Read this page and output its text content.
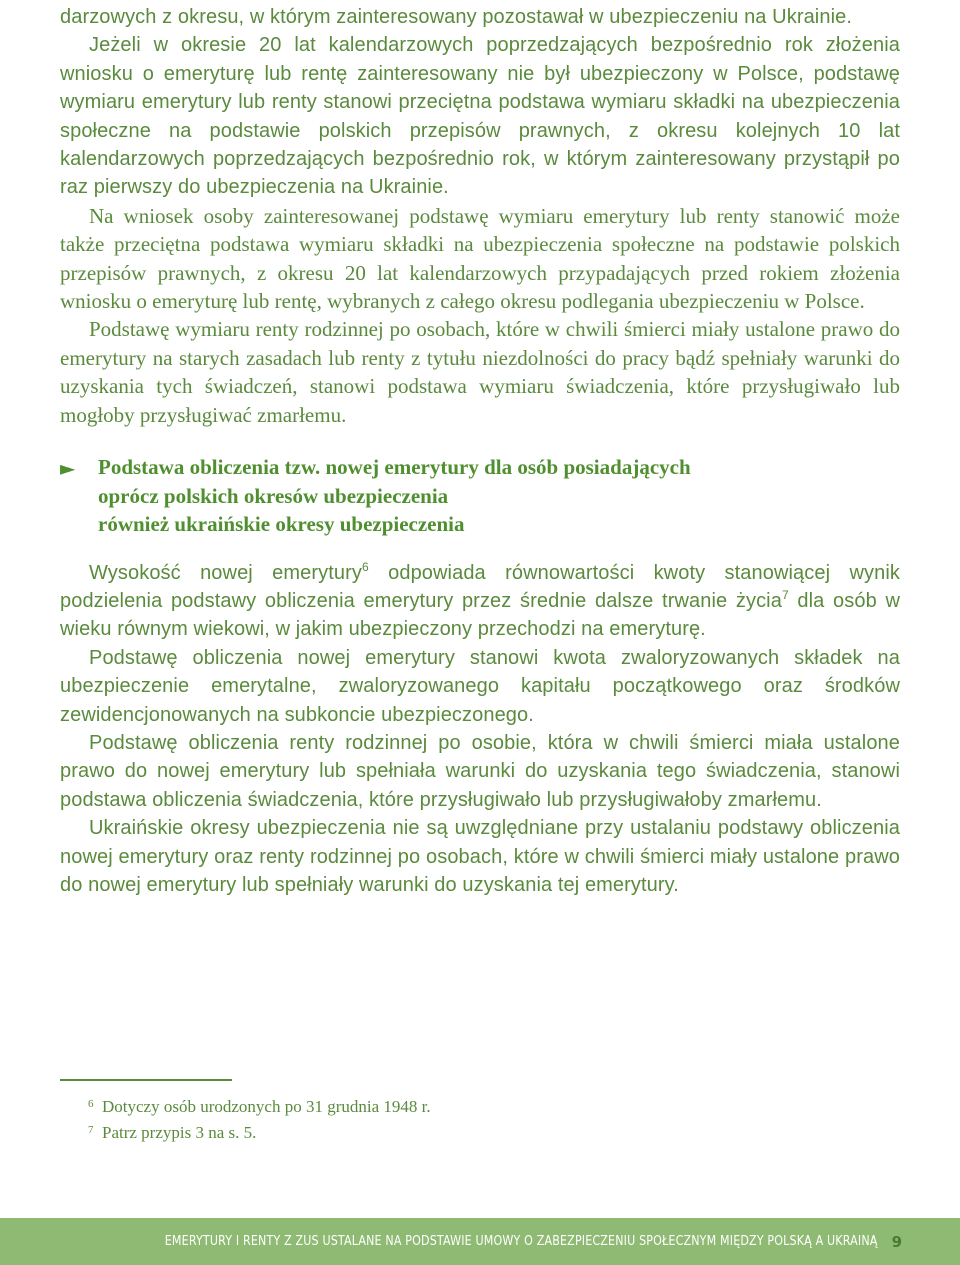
darzowych z okresu, w którym zainteresowany pozostawał w ubezpieczeniu na Ukrainie.

Jeżeli w okresie 20 lat kalendarzowych poprzedzających bezpośrednio rok złożenia wniosku o emeryturę lub rentę zainteresowany nie był ubezpieczony w Polsce, podstawę wymiaru emerytury lub renty stanowi przeciętna podstawa wymiaru składki na ubezpieczenia społeczne na podstawie polskich przepisów prawnych, z okresu kolejnych 10 lat kalendarzowych poprzedzających bezpośrednio rok, w którym zainteresowany przystąpił po raz pierwszy do ubezpieczenia na Ukrainie.

Na wniosek osoby zainteresowanej podstawę wymiaru emerytury lub renty stanowić może także przeciętna podstawa wymiaru składki na ubezpieczenia społeczne na podstawie polskich przepisów prawnych, z okresu 20 lat kalendarzowych przypadających przed rokiem złożenia wniosku o emeryturę lub rentę, wybranych z całego okresu podlegania ubezpieczeniu w Polsce.

Podstawę wymiaru renty rodzinnej po osobach, które w chwili śmierci miały ustalone prawo do emerytury na starych zasadach lub renty z tytułu niezdolności do pracy bądź spełniały warunki do uzyskania tych świadczeń, stanowi podstawa wymiaru świadczenia, które przysługiwało lub mogłoby przysługiwać zmarłemu.

► Podstawa obliczenia tzw. nowej emerytury dla osób posiadających
oprócz polskich okresów ubezpieczenia
również ukraińskie okresy ubezpieczenia

Wysokość nowej emerytury$^6$ odpowiada równowartości kwoty stanowiącej wynik podzielenia podstawy obliczenia emerytury przez średnie dalsze trwanie życia$^7$ dla osób w wieku równym wiekowi, w jakim ubezpieczony przechodzi na emeryturę.

Podstawę obliczenia nowej emerytury stanowi kwota zwaloryzowanych składek na ubezpieczenie emerytalne, zwaloryzowanego kapitału początkowego oraz środków zewidencjonowanych na subkoncie ubezpieczonego.

Podstawę obliczenia renty rodzinnej po osobie, która w chwili śmierci miała ustalone prawo do nowej emerytury lub spełniała warunki do uzyskania tego świadczenia, stanowi podstawa obliczenia świadczenia, które przysługiwało lub przysługiwałoby zmarłemu.

Ukraińskie okresy ubezpieczenia nie są uwzględniane przy ustalaniu podstawy obliczenia nowej emerytury oraz renty rodzinnej po osobach, które w chwili śmierci miały ustalone prawo do nowej emerytury lub spełniały warunki do uzyskania tej emerytury.

6 Dotyczy osób urodzonych po 31 grudnia 1948 r.
7 Patrz przypis 3 na s. 5.
EMERYTURY I RENTY Z ZUS USTALANE NA PODSTAWIE UMOWY O ZABEZPIECZENIU SPOŁECZNYM MIĘDZY POLSKĄ A UKRAINĄ 9
